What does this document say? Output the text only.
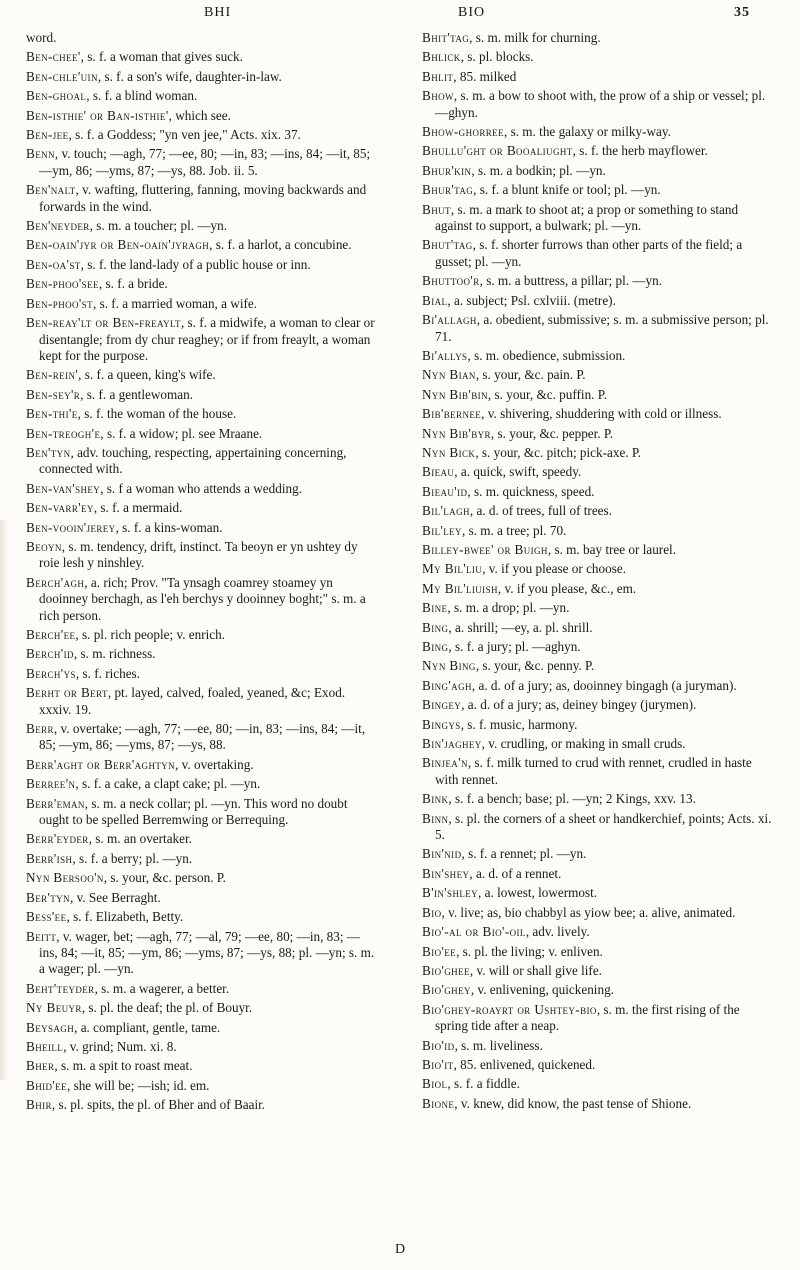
BHI	BIO	35

word.

Ben-chee', s. f. a woman that gives suck.

Ben-chle'uin, s. f. a son's wife, daughter-in-law.

Ben-ghoal, s. f. a blind woman.

Ben-isthie' or Ban-isthie', which see.

Ben-jee, s. f. a Goddess; "yn ven jee," Acts. xix. 37.

Benn, v. touch; —agh, 77; —ee, 80; —in, 83; —ins, 84; —it, 85; —ym, 86; —yms, 87; —ys, 88. Job. ii. 5.

Ben'nalt, v. wafting, fluttering, fanning, moving backwards and forwards in the wind.

Ben'neyder, s. m. a toucher; pl. —yn.

Ben-oain'jyr or Ben-oain'jyragh, s. f. a harlot, a concubine.

Ben-oa'st, s. f. the land-lady of a public house or inn.

Ben-phoo'see, s. f. a bride.

Ben-phoo'st, s. f. a married woman, a wife.

Ben-reay'lt or Ben-freaylt, s. f. a midwife, a woman to clear or disentangle; from dy chur reaghey; or if from freaylt, a woman kept for the purpose.

Ben-rein', s. f. a queen, king's wife.

Ben-sey'r, s. f. a gentlewoman.

Ben-thi'e, s. f. the woman of the house.

Ben-treogh'e, s. f. a widow; pl. see Mraane.

Ben'tyn, adv. touching, respecting, appertaining concerning, connected with.

Ben-van'shey, s. f a woman who attends a wedding.

Ben-varr'ey, s. f. a mermaid.

Ben-vooin'jerey, s. f. a kins-woman.

Beoyn, s. m. tendency, drift, instinct. Ta beoyn er yn ushtey dy roie lesh y ninshley.

Berch'agh, a. rich; Prov. "Ta ynsagh coamrey stoamey yn dooinney berchagh, as l'eh berchys y dooinney boght;" s. m. a rich person.

Berch'ee, s. pl. rich people; v. enrich.

Berch'id, s. m. richness.

Berch'ys, s. f. riches.

Berht or Bert, pt. layed, calved, foaled, yeaned, &c; Exod. xxxiv. 19.

Berr, v. overtake; —agh, 77; —ee, 80; —in, 83; —ins, 84; —it, 85; —ym, 86; —yms, 87; —ys, 88.

Berr'aght or Berr'aghtyn, v. overtaking.

Berree'n, s. f. a cake, a clapt cake; pl. —yn.

Berr'eman, s. m. a neck collar; pl. —yn. This word no doubt ought to be spelled Berremwing or Berrequing.

Berr'eyder, s. m. an overtaker.

Berr'ish, s. f. a berry; pl. —yn.

Nyn Bersoo'n, s. your, &c. person. P.

Ber'tyn, v. See Berraght.

Bess'ee, s. f. Elizabeth, Betty.

Beitt, v. wager, bet; —agh, 77; —al, 79; —ee, 80; —in, 83; —ins, 84; —it, 85; —ym, 86; —yms, 87; —ys, 88; pl. —yn; s. m. a wager; pl. —yn.

Beht'teyder, s. m. a wagerer, a better.

Ny Beuyr, s. pl. the deaf; the pl. of Bouyr.

Beysagh, a. compliant, gentle, tame.

Bheill, v. grind; Num. xi. 8.

Bher, s. m. a spit to roast meat.

Bhid'ee, she will be; —ish; id. em.

Bhir, s. pl. spits, the pl. of Bher and of Baair.

Bhit'tag, s. m. milk for churning.

Bhlick, s. pl. blocks.

Bhlit, 85. milked

Bhow, s. m. a bow to shoot with, the prow of a ship or vessel; pl. —ghyn.

Bhow-ghorree, s. m. the galaxy or milky-way.

Bhullu'ght or Booaliught, s. f. the herb mayflower.

Bhur'kin, s. m. a bodkin; pl. —yn.

Bhur'tag, s. f. a blunt knife or tool; pl. —yn.

Bhut, s. m. a mark to shoot at; a prop or something to stand against to support, a bulwark; pl. —yn.

Bhut'tag, s. f. shorter furrows than other parts of the field; a gusset; pl. —yn.

Bhuttoo'r, s. m. a buttress, a pillar; pl. —yn.

Bial, a. subject; Psl. cxlviii. (metre).

Bi'allagh, a. obedient, submissive; s. m. a submissive person; pl. 71.

Bi'allys, s. m. obedience, submission.

Nyn Bian, s. your, &c. pain. P.

Nyn Bib'bin, s. your, &c. puffin. P.

Bib'bernee, v. shivering, shuddering with cold or illness.

Nyn Bib'byr, s. your, &c. pepper. P.

Nyn Bick, s. your, &c. pitch; pick-axe. P.

Bieau, a. quick, swift, speedy.

Bieau'id, s. m. quickness, speed.

Bil'lagh, a. d. of trees, full of trees.

Bil'ley, s. m. a tree; pl. 70.

Billey-bwee' or Buigh, s. m. bay tree or laurel.

My Bil'liu, v. if you please or choose.

My Bil'liuish, v. if you please, &c., em.

Bine, s. m. a drop; pl. —yn.

Bing, a. shrill; —ey, a. pl. shrill.

Bing, s. f. a jury; pl. —aghyn.

Nyn Bing, s. your, &c. penny. P.

Bing'agh, a. d. of a jury; as, dooinney bingagh (a juryman).

Bingey, a. d. of a jury; as, deiney bingey (jurymen).

Bingys, s. f. music, harmony.

Bin'jaghey, v. crudling, or making in small cruds.

Binjea'n, s. f. milk turned to crud with rennet, crudled in haste with rennet.

Bink, s. f. a bench; base; pl. —yn; 2 Kings, xxv. 13.

Binn, s. pl. the corners of a sheet or handkerchief, points; Acts. xi. 5.

Bin'nid, s. f. a rennet; pl. —yn.

Bin'shey, a. d. of a rennet.

B'in'shley, a. lowest, lowermost.

Bio, v. live; as, bio chabbyl as yiow bee; a. alive, animated.

Bio'-al or Bio'-oil, adv. lively.

Bio'ee, s. pl. the living; v. enliven.

Bio'ghee, v. will or shall give life.

Bio'ghey, v. enlivening, quickening.

Bio'ghey-roayrt or Ushtey-bio, s. m. the first rising of the spring tide after a neap.

Bio'id, s. m. liveliness.

Bio'it, 85. enlivened, quickened.

Biol, s. f. a fiddle.

Bione, v. knew, did know, the past tense of Shione.

D
